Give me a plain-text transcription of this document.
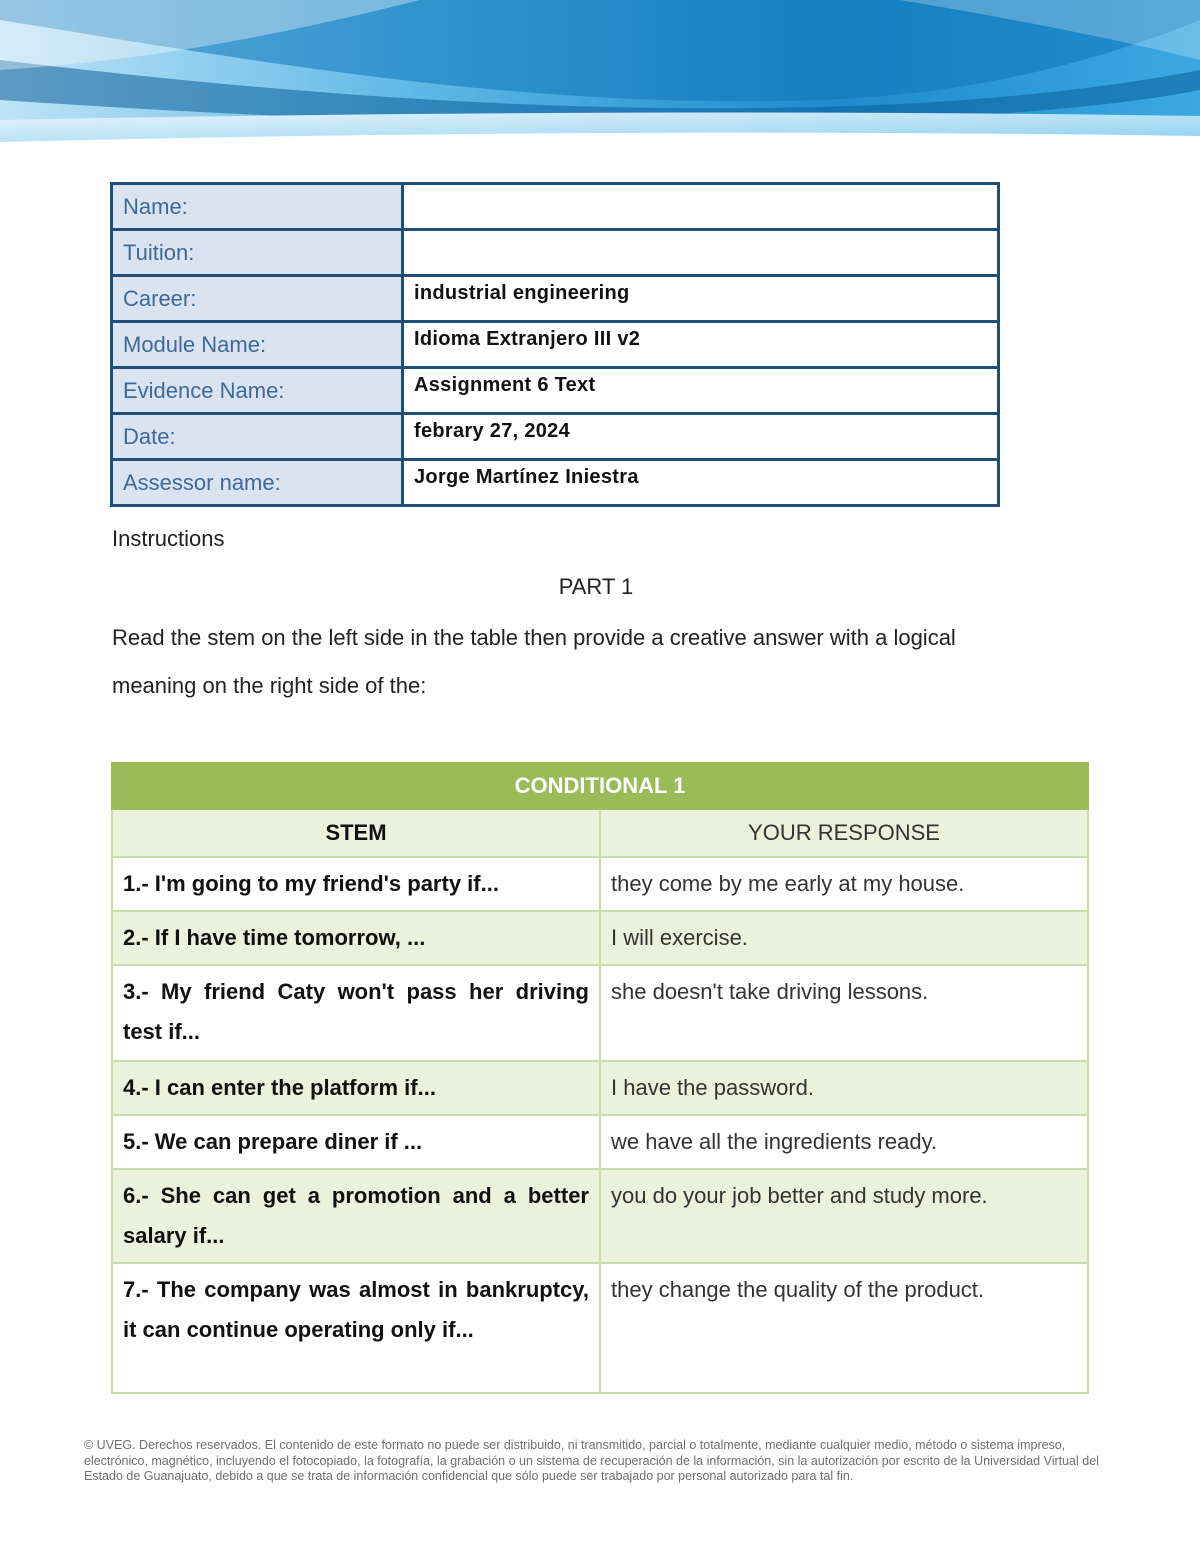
Name:	
Tuition:	
Career:	industrial engineering
Module Name:	Idioma Extranjero III v2
Evidence Name:	Assignment 6 Text
Date:	febrary 27, 2024
Assessor name:	Jorge Martínez Iniestra
Instructions
PART 1
Read the stem on the left side in the table then provide a creative answer with a logical meaning on the right side of the:
CONDITIONAL 1	
STEM	YOUR RESPONSE
1.- I'm going to my friend's party if...	they come by me early at my house.
2.- If I have time tomorrow, ...	I will exercise.
3.- My friend Caty won't pass her driving test if...	she doesn't take driving lessons.
4.- I can enter the platform if...	I have the password.
5.- We can prepare diner if ...	we have all the ingredients ready.
6.- She can get a promotion and a better salary if...	you do your job better and study more.
7.- The company was almost in bankruptcy, it can continue operating only if...	they change the quality of the product.
© UVEG. Derechos reservados. El contenido de este formato no puede ser distribuido, ni transmitido, parcial o totalmente, mediante cualquier medio, método o sistema impreso, electrónico, magnético, incluyendo el fotocopiado, la fotografía, la grabación o un sistema de recuperación de la información, sin la autorización por escrito de la Universidad Virtual del Estado de Guanajuato, debido a que se trata de información confidencial que sólo puede ser trabajado por personal autorizado para tal fin.
